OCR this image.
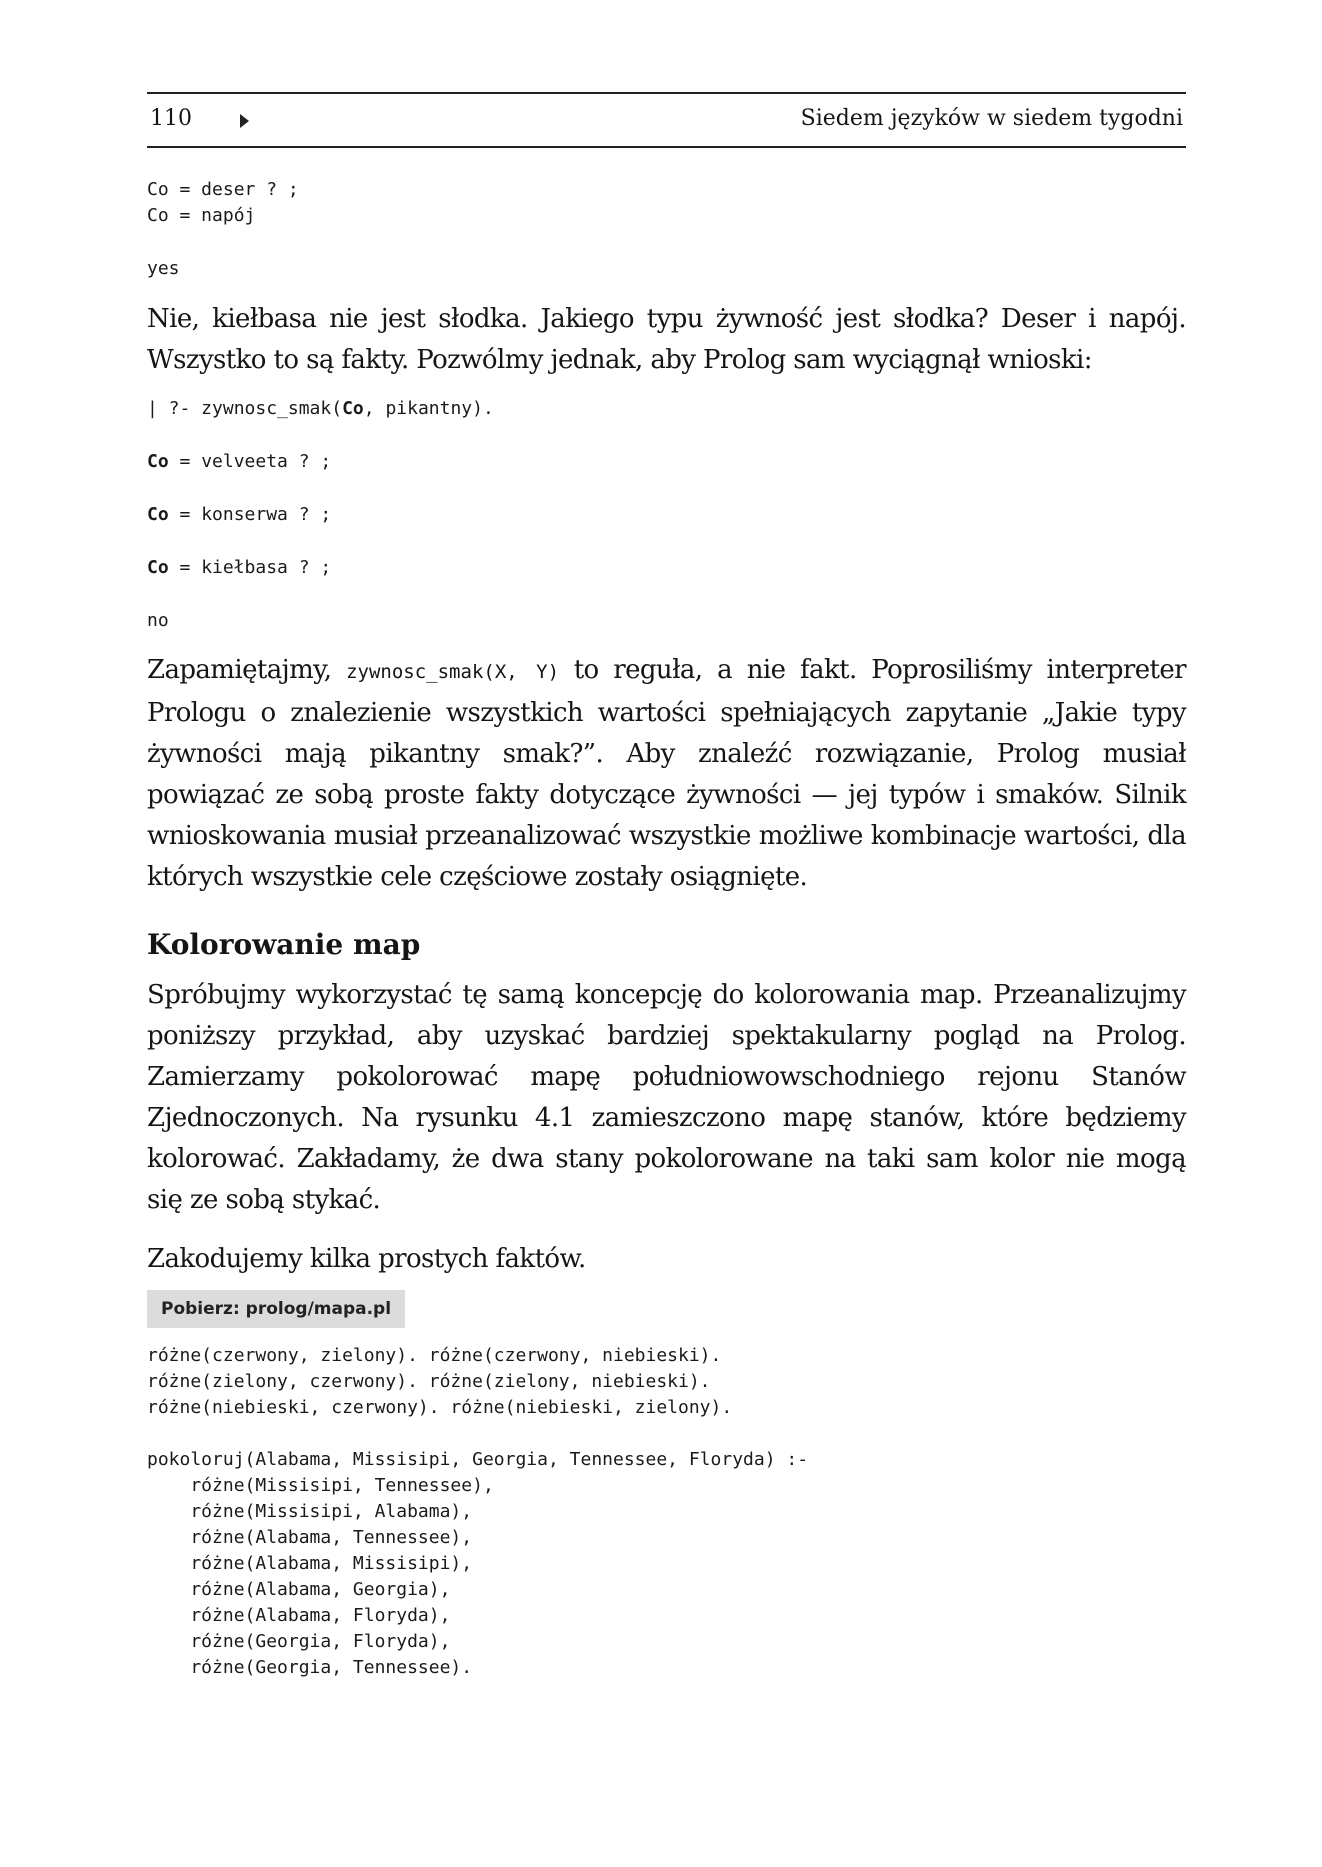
110	Siedem języków w siedem tygodni
Co = deser ? ;
Co = napój
yes

Nie, kiełbasa nie jest słodka. Jakiego typu żywność jest słodka? Deser i napój. Wszystko to są fakty. Pozwólmy jednak, aby Prolog sam wyciągnął wnioski:

| ?- zywnosc_smak(Co, pikantny).
Co = velveeta ? ;
Co = konserwa ? ;
Co = kiełbasa ? ;
no

Zapamiętajmy, zywnosc_smak(X, Y) to reguła, a nie fakt. Poprosiliśmy interpreter Prologu o znalezienie wszystkich wartości spełniających zapytanie „Jakie typy żywności mają pikantny smak?”. Aby znaleźć rozwiązanie, Prolog musiał powiązać ze sobą proste fakty dotyczące żywności — jej typów i smaków. Silnik wnioskowania musiał przeanalizować wszystkie możliwe kombinacje wartości, dla których wszystkie cele częściowe zostały osiągnięte.

Kolorowanie map

Spróbujmy wykorzystać tę samą koncepcję do kolorowania map. Przeanalizujmy poniższy przykład, aby uzyskać bardziej spektakularny pogląd na Prolog. Zamierzamy pokolorować mapę południowowschodniego rejonu Stanów Zjednoczonych. Na rysunku 4.1 zamieszczono mapę stanów, które będziemy kolorować. Zakładamy, że dwa stany pokolorowane na taki sam kolor nie mogą się ze sobą stykać.

Zakodujemy kilka prostych faktów.

Pobierz: prolog/mapa.pl
różne(czerwony, zielony). różne(czerwony, niebieski).
różne(zielony, czerwony). różne(zielony, niebieski).
różne(niebieski, czerwony). różne(niebieski, zielony).
pokoloruj(Alabama, Missisipi, Georgia, Tennessee, Floryda) :-
różne(Missisipi, Tennessee),
różne(Missisipi, Alabama),
różne(Alabama, Tennessee),
różne(Alabama, Missisipi),
różne(Alabama, Georgia),
różne(Alabama, Floryda),
różne(Georgia, Floryda),
różne(Georgia, Tennessee).
